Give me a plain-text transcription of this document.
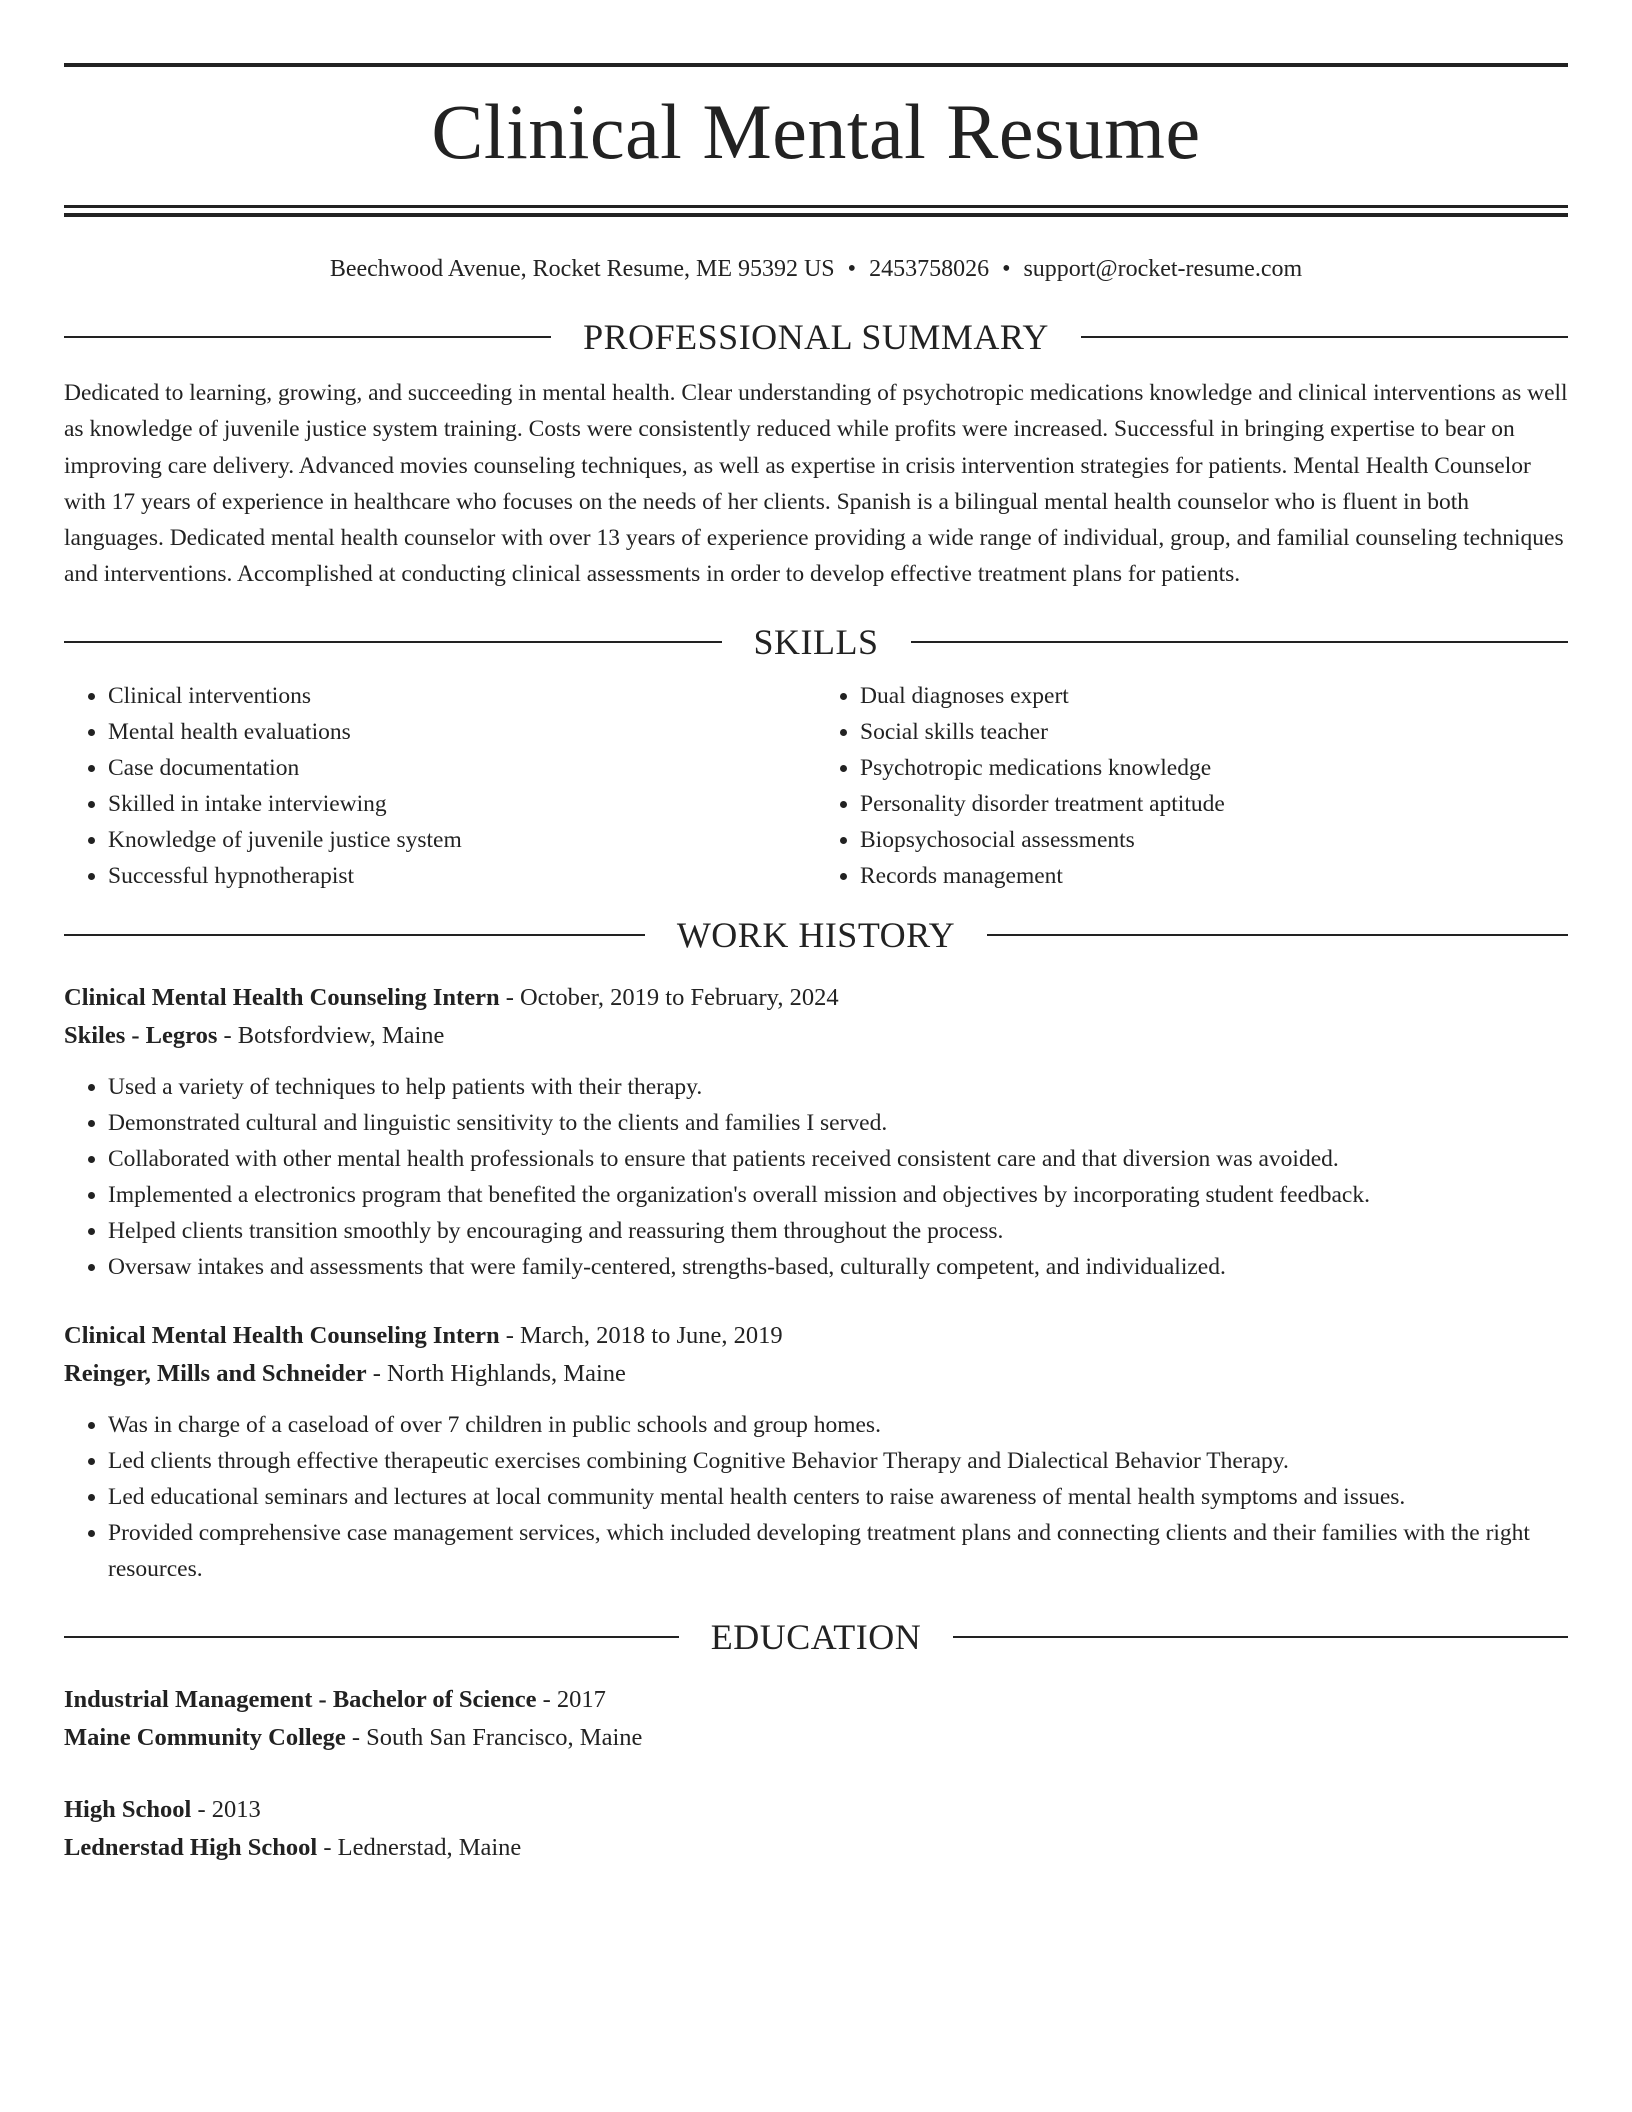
Clinical Mental Resume
Beechwood Avenue, Rocket Resume, ME 95392 US • 2453758026 • support@rocket-resume.com
PROFESSIONAL SUMMARY

Dedicated to learning, growing, and succeeding in mental health. Clear understanding of psychotropic medications knowledge and clinical interventions as well as knowledge of juvenile justice system training. Costs were consistently reduced while profits were increased. Successful in bringing expertise to bear on improving care delivery. Advanced movies counseling techniques, as well as expertise in crisis intervention strategies for patients. Mental Health Counselor with 17 years of experience in healthcare who focuses on the needs of her clients. Spanish is a bilingual mental health counselor who is fluent in both languages. Dedicated mental health counselor with over 13 years of experience providing a wide range of individual, group, and familial counseling techniques and interventions. Accomplished at conducting clinical assessments in order to develop effective treatment plans for patients.

SKILLS
• Clinical interventions
• Mental health evaluations
• Case documentation
• Skilled in intake interviewing
• Knowledge of juvenile justice system
• Successful hypnotherapist
• Dual diagnoses expert
• Social skills teacher
• Psychotropic medications knowledge
• Personality disorder treatment aptitude
• Biopsychosocial assessments
• Records management
WORK HISTORY
Clinical Mental Health Counseling Intern - October, 2019 to February, 2024
Skiles - Legros - Botsfordview, Maine
• Used a variety of techniques to help patients with their therapy.
• Demonstrated cultural and linguistic sensitivity to the clients and families I served.
• Collaborated with other mental health professionals to ensure that patients received consistent care and that diversion was avoided.
• Implemented a electronics program that benefited the organization's overall mission and objectives by incorporating student feedback.
• Helped clients transition smoothly by encouraging and reassuring them throughout the process.
• Oversaw intakes and assessments that were family-centered, strengths-based, culturally competent, and individualized.
Clinical Mental Health Counseling Intern - March, 2018 to June, 2019
Reinger, Mills and Schneider - North Highlands, Maine
• Was in charge of a caseload of over 7 children in public schools and group homes.
• Led clients through effective therapeutic exercises combining Cognitive Behavior Therapy and Dialectical Behavior Therapy.
• Led educational seminars and lectures at local community mental health centers to raise awareness of mental health symptoms and issues.
• Provided comprehensive case management services, which included developing treatment plans and connecting clients and their families with the right resources.
EDUCATION
Industrial Management - Bachelor of Science - 2017
Maine Community College - South San Francisco, Maine
High School - 2013
Lednerstad High School - Lednerstad, Maine
